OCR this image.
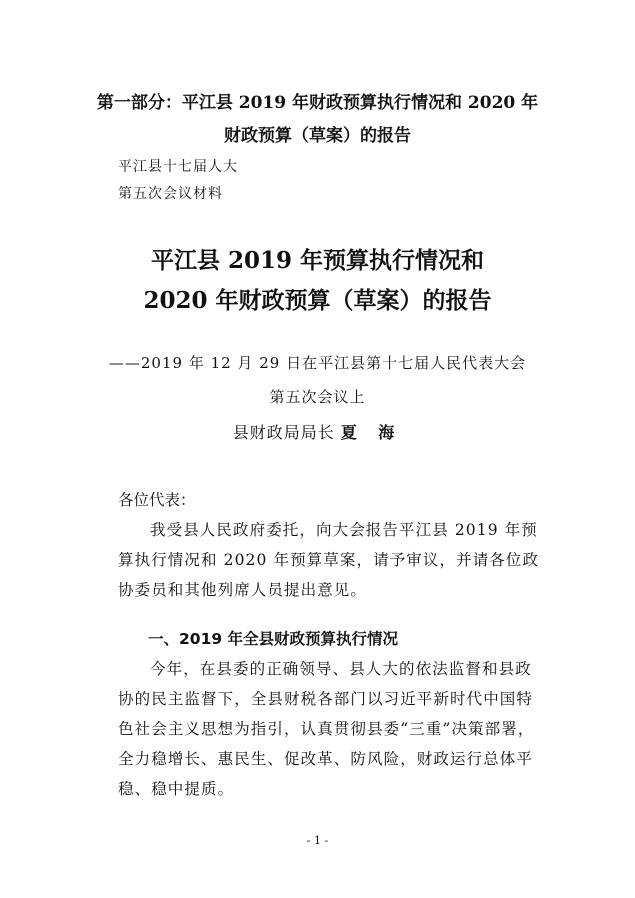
第一部分：平江县 2019 年财政预算执行情况和 2020 年
财政预算（草案）的报告
平江县十七届人大
第五次会议材料
平江县 2019 年预算执行情况和
2020 年财政预算（草案）的报告
——2019 年 12 月 29 日在平江县第十七届人民代表大会
第五次会议上
县财政局局长 夏 海
各位代表：

我受县人民政府委托，向大会报告平江县 2019 年预算执行情况和 2020 年预算草案，请予审议，并请各位政协委员和其他列席人员提出意见。

一、2019 年全县财政预算执行情况

今年，在县委的正确领导、县人大的依法监督和县政协的民主监督下，全县财税各部门以习近平新时代中国特色社会主义思想为指引，认真贯彻县委“三重”决策部署，全力稳增长、惠民生、促改革、防风险，财政运行总体平稳、稳中提质。

- 1 -
